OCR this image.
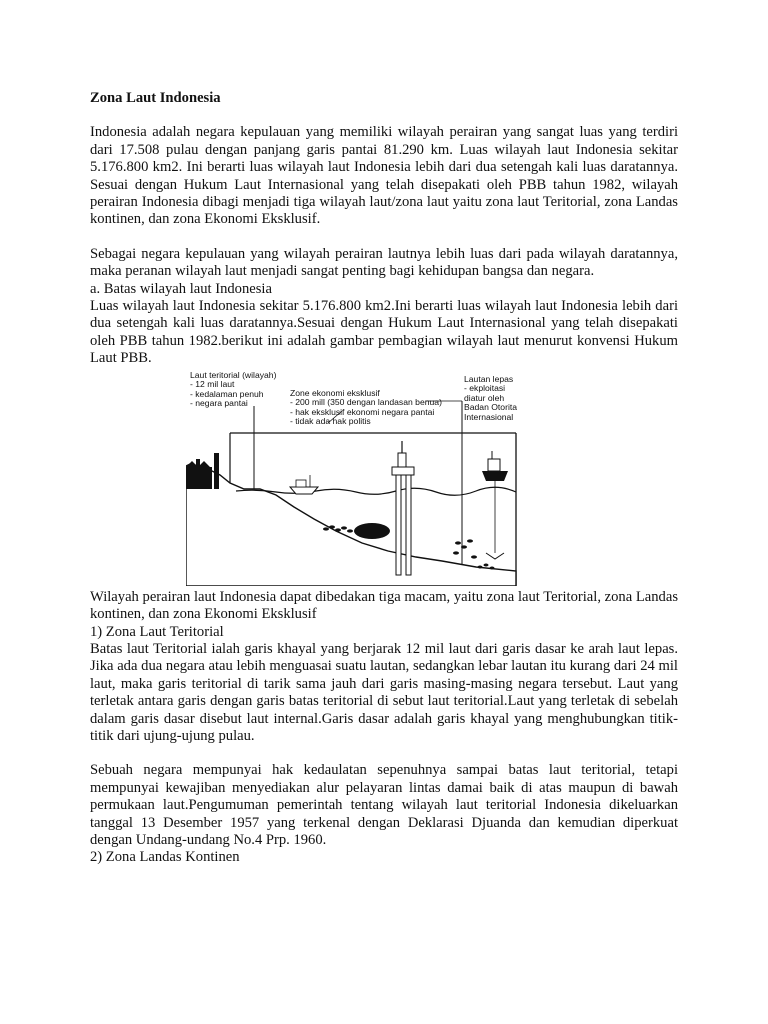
Zona Laut Indonesia

Indonesia adalah negara kepulauan yang memiliki wilayah perairan yang sangat luas yang terdiri dari 17.508 pulau dengan panjang garis pantai 81.290 km. Luas wilayah laut Indonesia sekitar 5.176.800 km2. Ini berarti luas wilayah laut Indonesia lebih dari dua setengah kali luas daratannya. Sesuai dengan Hukum Laut Internasional yang telah disepakati oleh PBB tahun 1982, wilayah perairan Indonesia dibagi menjadi tiga wilayah laut/zona laut yaitu zona laut Teritorial, zona Landas kontinen, dan zona Ekonomi Eksklusif.

Sebagai negara kepulauan yang wilayah perairan lautnya lebih luas dari pada wilayah daratannya, maka peranan wilayah laut menjadi sangat penting bagi kehidupan bangsa dan negara.

a. Batas wilayah laut Indonesia

Luas wilayah laut Indonesia sekitar 5.176.800 km2.Ini berarti luas wilayah laut Indonesia lebih dari dua setengah kali luas daratannya.Sesuai dengan Hukum Laut Internasional yang telah disepakati oleh PBB tahun 1982.berikut ini adalah gambar pembagian wilayah laut menurut konvensi Hukum Laut PBB.

Laut teritorial (wilayah)
- 12 mil laut
- kedalaman penuh
- negara pantai
Zone ekonomi eksklusif
- 200 mill (350 dengan landasan benua)
- hak eksklusif ekonomi negara pantai
- tidak ada hak politis
Lautan lepas
- ekploitasi diatur oleh
Badan Otorita Internasional

Wilayah perairan laut Indonesia dapat dibedakan tiga macam, yaitu zona laut Teritorial, zona Landas kontinen, dan zona Ekonomi Eksklusif

1) Zona Laut Teritorial

Batas laut Teritorial ialah garis khayal yang berjarak 12 mil laut dari garis dasar ke arah laut lepas. Jika ada dua negara atau lebih menguasai suatu lautan, sedangkan lebar lautan itu kurang dari 24 mil laut, maka garis teritorial di tarik sama jauh dari garis masing-masing negara tersebut. Laut yang terletak antara garis dengan garis batas teritorial di sebut laut teritorial.Laut yang terletak di sebelah dalam garis dasar disebut laut internal.Garis dasar adalah garis khayal yang menghubungkan titik-titik dari ujung-ujung pulau.

Sebuah negara mempunyai hak kedaulatan sepenuhnya sampai batas laut teritorial, tetapi mempunyai kewajiban menyediakan alur pelayaran lintas damai baik di atas maupun di bawah permukaan laut.Pengumuman pemerintah tentang wilayah laut teritorial Indonesia dikeluarkan tanggal 13 Desember 1957 yang terkenal dengan Deklarasi Djuanda dan kemudian diperkuat dengan Undang-undang No.4 Prp. 1960.

2) Zona Landas Kontinen
